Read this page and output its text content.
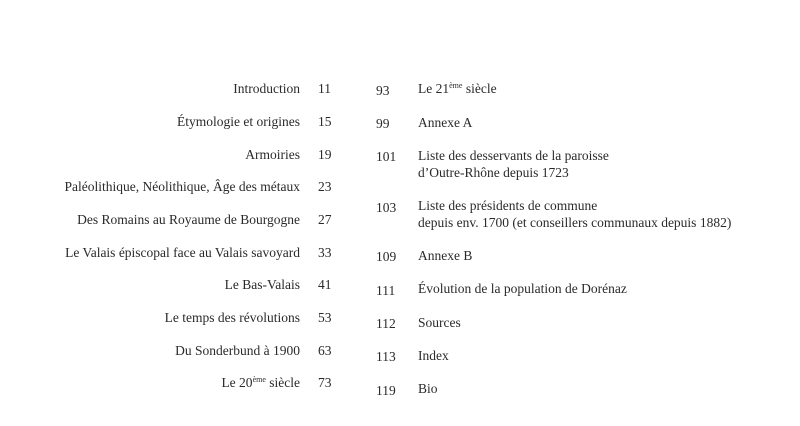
Introduction 11
Étymologie et origines 15
Armoiries 19
Paléolithique, Néolithique, Âge des métaux 23
Des Romains au Royaume de Bourgogne 27
Le Valais épiscopal face au Valais savoyard 33
Le Bas-Valais 41
Le temps des révolutions 53
Du Sonderbund à 1900 63
Le 20ème siècle 73
93	Le 21ème siècle
99	Annexe A
101	Liste des desservants de la paroisse
d’Outre-Rhône depuis 1723
103	Liste des présidents de commune
depuis env. 1700 (et conseillers communaux depuis 1882)
109	Annexe B
111	Évolution de la population de Dorénaz
112	Sources
113	Index
119	Bio
